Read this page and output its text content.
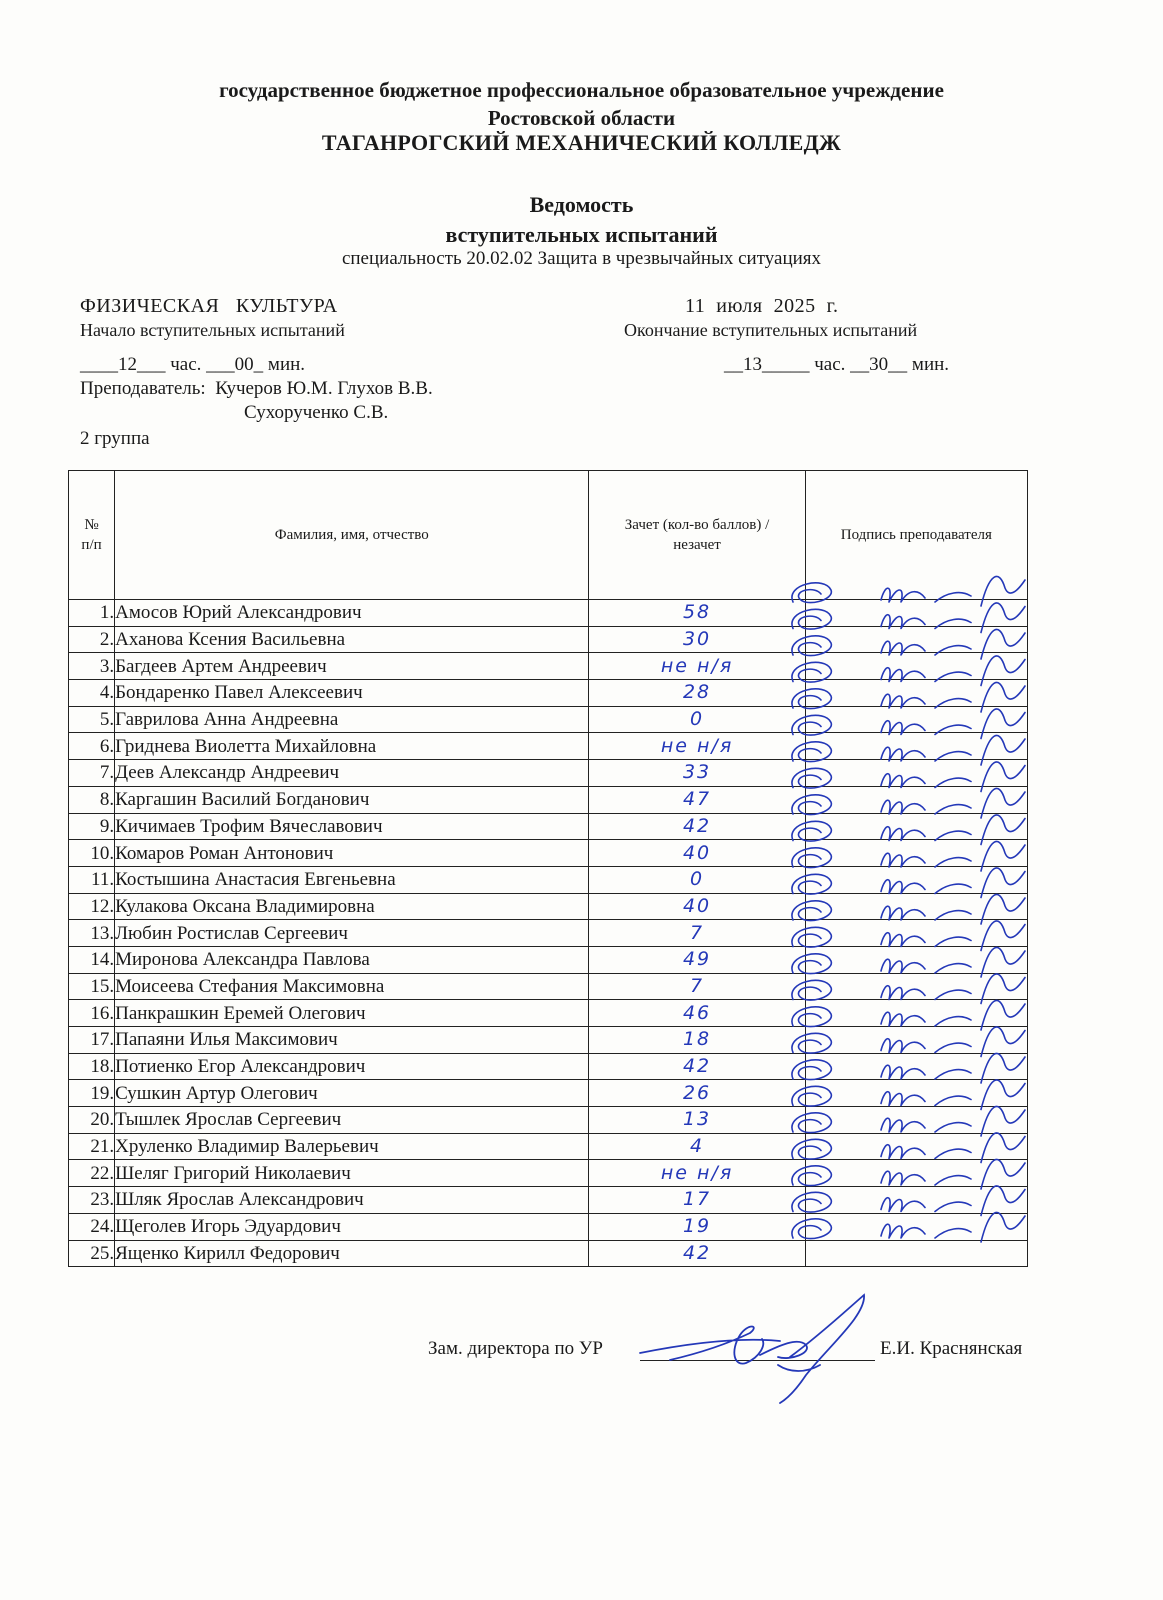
государственное бюджетное профессиональное образовательное учреждение
Ростовской области
ТАГАНРОГСКИЙ МЕХАНИЧЕСКИЙ КОЛЛЕДЖ
Ведомость
вступительных испытаний
специальность 20.02.02 Защита в чрезвычайных ситуациях
ФИЗИЧЕСКАЯ   КУЛЬТУРА	11  июля  2025  г.
Начало вступительных испытаний	Окончание вступительных испытаний
____12___ час. ___00_ мин.	__13_____ час. __30__ мин.
Преподаватель:  Кучеров Ю.М. Глухов В.В.
Сухорученко С.В.
2 группа
№
п/п	Фамилия, имя, отчество	Зачет (кол-во баллов) / незачет	Подпись преподавателя
1.	Амосов Юрий Александрович	58	
2.	Аханова Ксения Васильевна	30	
3.	Багдеев Артем Андреевич	не н/я	
4.	Бондаренко Павел Алексеевич	28	
5.	Гаврилова Анна Андреевна	0	
6.	Гриднева Виолетта Михайловна	не н/я	
7.	Деев Александр Андреевич	33	
8.	Каргашин Василий Богданович	47	
9.	Кичимаев Трофим Вячеславович	42	
10.	Комаров Роман Антонович	40	
11.	Костышина Анастасия Евгеньевна	0	
12.	Кулакова Оксана Владимировна	40	
13.	Любин Ростислав Сергеевич	7	
14.	Миронова Александра Павлова	49	
15.	Моисеева Стефания Максимовна	7	
16.	Панкрашкин Еремей Олегович	46	
17.	Папаяни Илья Максимович	18	
18.	Потиенко Егор Александрович	42	
19.	Сушкин Артур Олегович	26	
20.	Тышлек Ярослав Сергеевич	13	
21.	Хруленко Владимир Валерьевич	4	
22.	Шеляг Григорий Николаевич	не н/я	
23.	Шляк Ярослав Александрович	17	
24.	Щеголев Игорь Эдуардович	19	
25.	Ященко Кирилл Федорович	42	
Зам. директора по УР	Е.И. Краснянская
